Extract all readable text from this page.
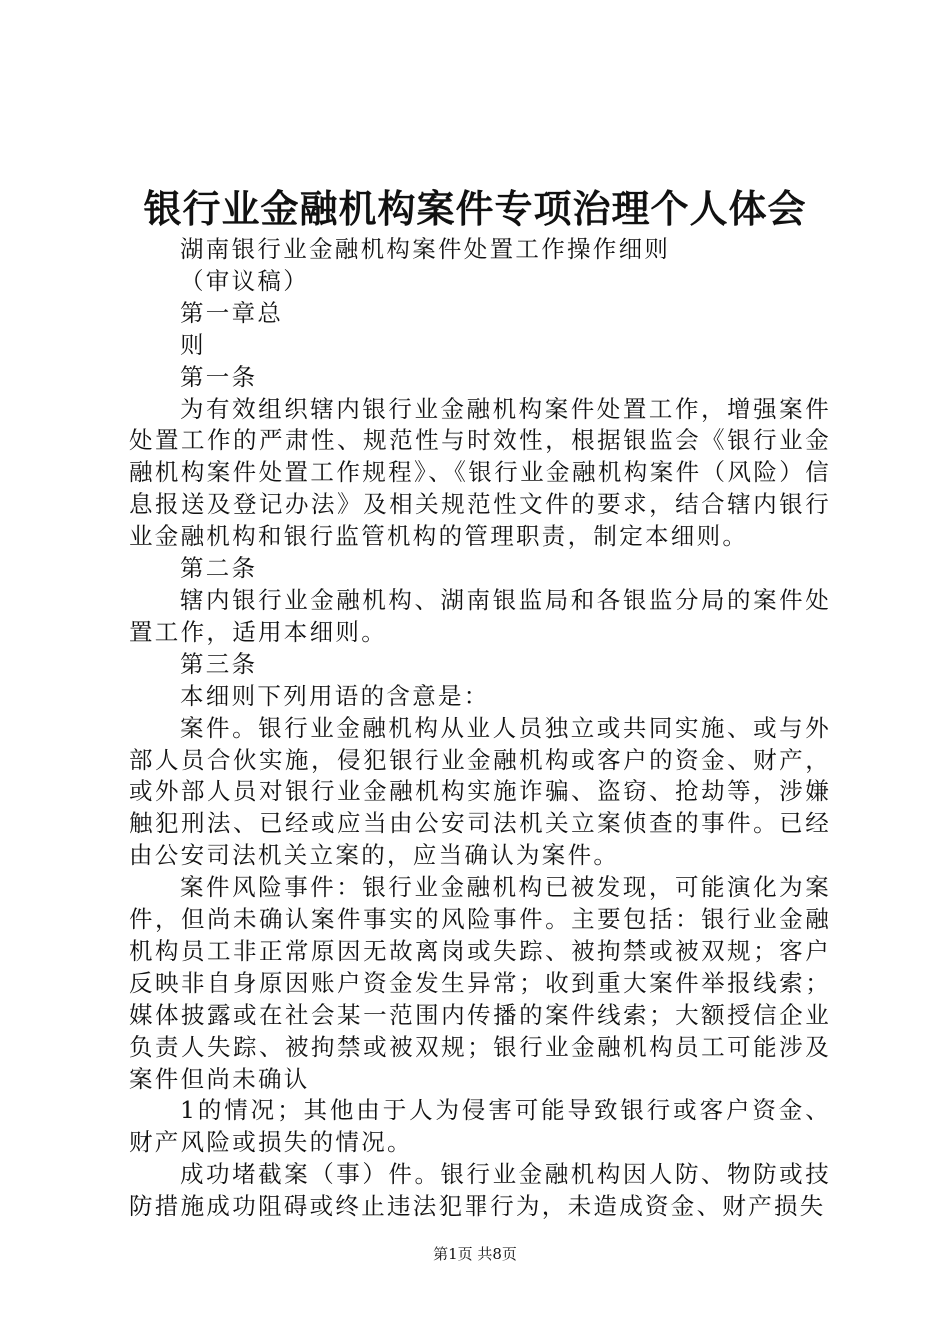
银行业金融机构案件专项治理个人体会

湖南银行业金融机构案件处置工作操作细则

（审议稿）

第一章总

则

第一条

为有效组织辖内银行业金融机构案件处置工作，增强案件处置工作的严肃性、规范性与时效性，根据银监会《银行业金融机构案件处置工作规程》、《银行业金融机构案件（风险）信息报送及登记办法》及相关规范性文件的要求，结合辖内银行业金融机构和银行监管机构的管理职责，制定本细则。

第二条

辖内银行业金融机构、湖南银监局和各银监分局的案件处置工作，适用本细则。

第三条

本细则下列用语的含意是：

案件。银行业金融机构从业人员独立或共同实施、或与外部人员合伙实施，侵犯银行业金融机构或客户的资金、财产，或外部人员对银行业金融机构实施诈骗、盗窃、抢劫等，涉嫌触犯刑法、已经或应当由公安司法机关立案侦查的事件。已经由公安司法机关立案的，应当确认为案件。

案件风险事件：银行业金融机构已被发现，可能演化为案件，但尚未确认案件事实的风险事件。主要包括：银行业金融机构员工非正常原因无故离岗或失踪、被拘禁或被双规；客户反映非自身原因账户资金发生异常；收到重大案件举报线索；媒体披露或在社会某一范围内传播的案件线索；大额授信企业负责人失踪、被拘禁或被双规；银行业金融机构员工可能涉及案件但尚未确认

1的情况；其他由于人为侵害可能导致银行或客户资金、财产风险或损失的情况。

成功堵截案（事）件。银行业金融机构因人防、物防或技防措施成功阻碍或终止违法犯罪行为，未造成资金、财产损失

第1页 共8页
